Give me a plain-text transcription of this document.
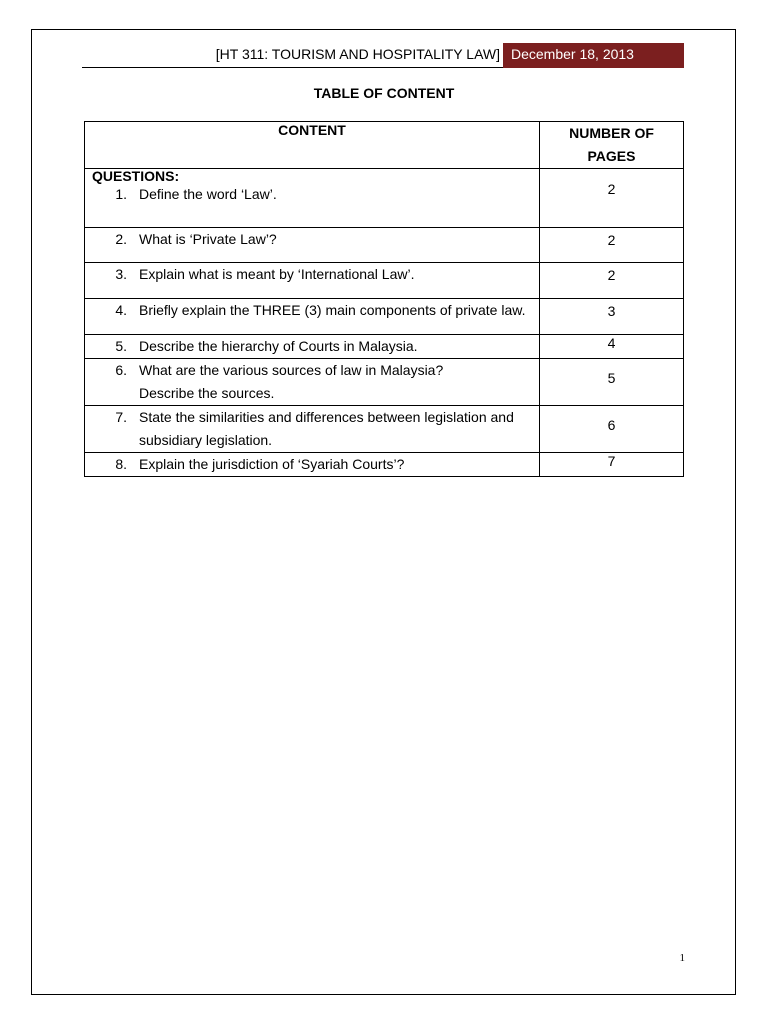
[HT 311: TOURISM AND HOSPITALITY LAW] December 18, 2013
TABLE OF CONTENT
CONTENT	NUMBER OF
PAGES

QUESTIONS:
1. Define the word ‘Law’.	2

2. What is ‘Private Law’?	2

3. Explain what is meant by ‘International Law’.	2

4. Briefly explain the THREE (3) main components of private law.	3

5. Describe the hierarchy of Courts in Malaysia.	4

6. What are the various sources of law in Malaysia?
Describe the sources.	5

7. State the similarities and differences between legislation and
subsidiary legislation.	6

8. Explain the jurisdiction of ‘Syariah Courts’?	7
1
